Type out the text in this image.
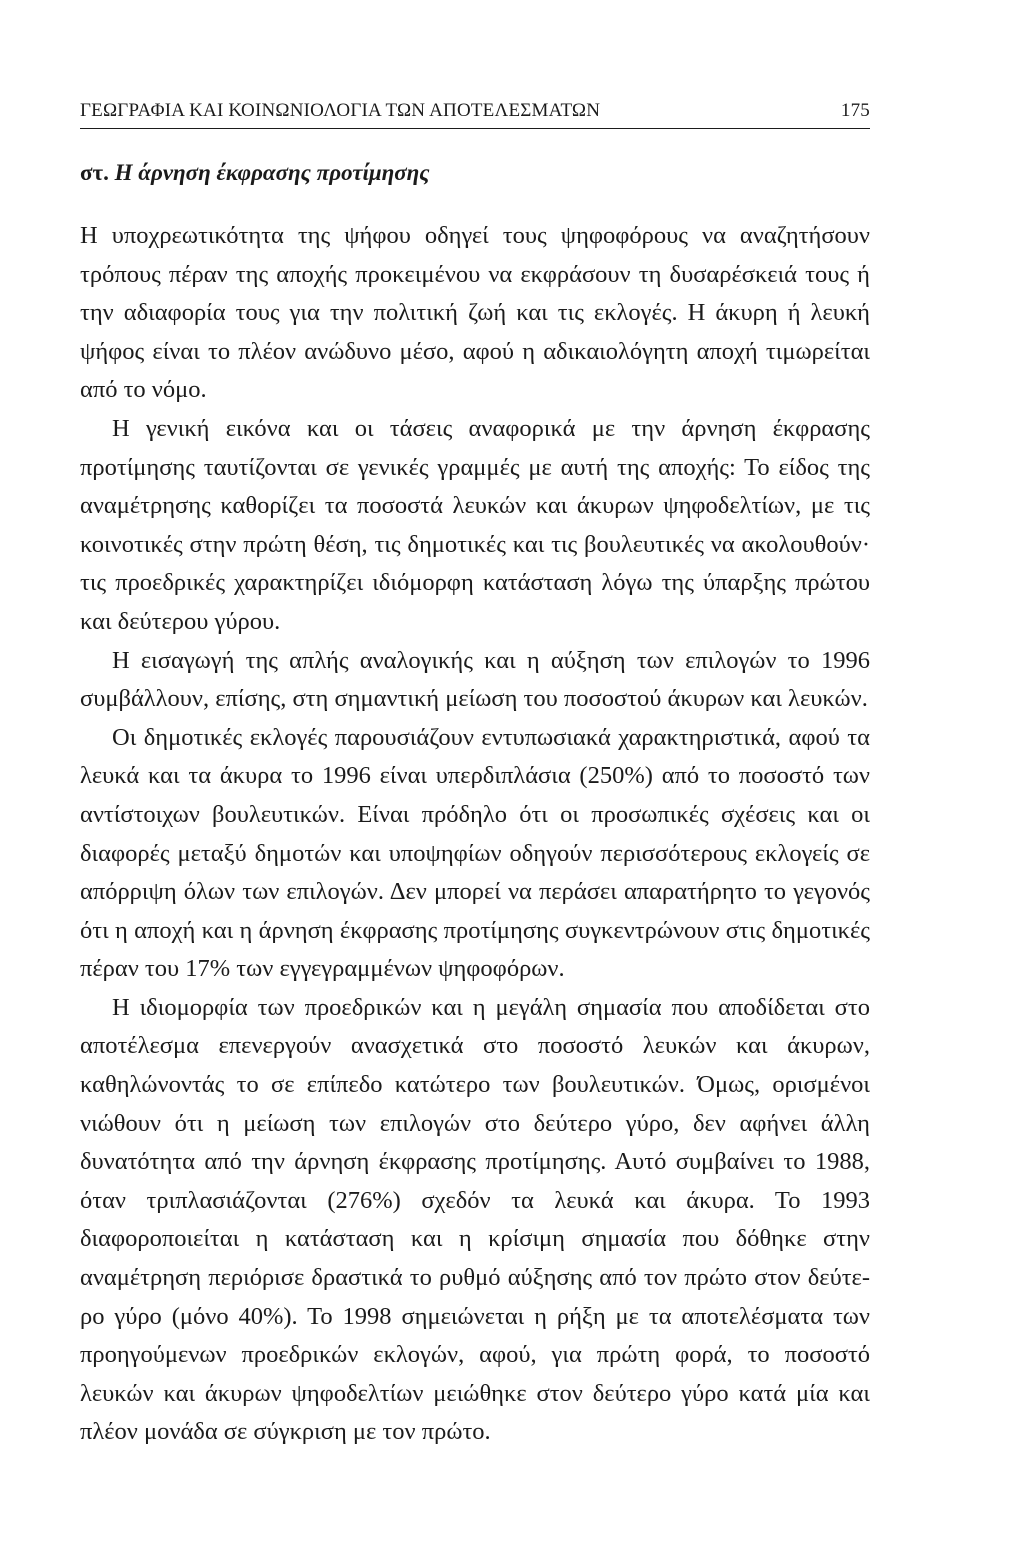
ΓΕΩΓΡΑΦΙΑ ΚΑΙ ΚΟΙΝΩΝΙΟΛΟΓΙΑ ΤΩΝ ΑΠΟΤΕΛΕΣΜΑΤΩΝ	175
στ. Η άρνηση έκφρασης προτίμησης

Η υποχρεωτικότητα της ψήφου οδηγεί τους ψηφοφόρους να αναζητήσουν τρόπους πέραν της αποχής προκειμένου να εκφράσουν τη δυσαρέσκειά τους ή την αδιαφορία τους για την πολιτική ζωή και τις εκλογές. Η άκυρη ή λευκή ψήφος είναι το πλέον ανώδυνο μέσο, αφού η αδικαιολόγητη αποχή τιμωρείται από το νόμο.

Η γενική εικόνα και οι τάσεις αναφορικά με την άρνηση έκφρασης προτίμησης ταυτίζονται σε γενικές γραμμές με αυτή της αποχής: Το είδος της αναμέτρησης καθορίζει τα ποσοστά λευκών και άκυρων ψηφοδελτίων, με τις κοινοτικές στην πρώτη θέση, τις δημοτικές και τις βουλευτικές να ακολουθούν· τις προεδρικές χαρακτηρίζει ιδιόμορφη κατάσταση λόγω της ύπαρξης πρώτου και δεύτερου γύρου.

Η εισαγωγή της απλής αναλογικής και η αύξηση των επιλογών το 1996 συμβάλλουν, επίσης, στη σημαντική μείωση του ποσοστού άκυρων και λευκών.

Οι δημοτικές εκλογές παρουσιάζουν εντυπωσιακά χαρακτηριστικά, αφού τα λευκά και τα άκυρα το 1996 είναι υπερδιπλάσια (250%) από το ποσοστό των αντίστοιχων βουλευτικών. Είναι πρόδηλο ότι οι προσωπικές σχέσεις και οι διαφορές μεταξύ δημοτών και υποψηφίων οδηγούν περισσότερους εκλογείς σε απόρριψη όλων των επιλογών. Δεν μπορεί να περάσει απαρατήρητο το γεγονός ότι η αποχή και η άρνηση έκφρασης προτίμησης συγκεντρώνουν στις δημοτικές πέραν του 17% των εγγεγραμμένων ψηφοφόρων.

Η ιδιομορφία των προεδρικών και η μεγάλη σημασία που αποδίδεται στο αποτέλεσμα επενεργούν ανασχετικά στο ποσοστό λευκών και άκυρων, καθηλώνοντάς το σε επίπεδο κατώτερο των βουλευτικών. Όμως, ορισμένοι νιώθουν ότι η μείωση των επιλογών στο δεύτερο γύρο, δεν αφήνει άλλη δυνατότητα από την άρνηση έκφρασης προτίμησης. Αυτό συμβαίνει το 1988, όταν τριπλασιάζονται (276%) σχεδόν τα λευκά και άκυρα. Το 1993 διαφοροποιείται η κατάσταση και η κρίσιμη σημασία που δόθηκε στην αναμέτρηση περιόρισε δραστικά το ρυθμό αύξησης από τον πρώτο στον δεύτερο γύρο (μόνο 40%). Το 1998 σημειώνεται η ρήξη με τα αποτελέσματα των προηγούμενων προεδρικών εκλογών, αφού, για πρώτη φορά, το ποσοστό λευκών και άκυρων ψηφοδελτίων μειώθηκε στον δεύτερο γύρο κατά μία και πλέον μονάδα σε σύγκριση με τον πρώτο.
